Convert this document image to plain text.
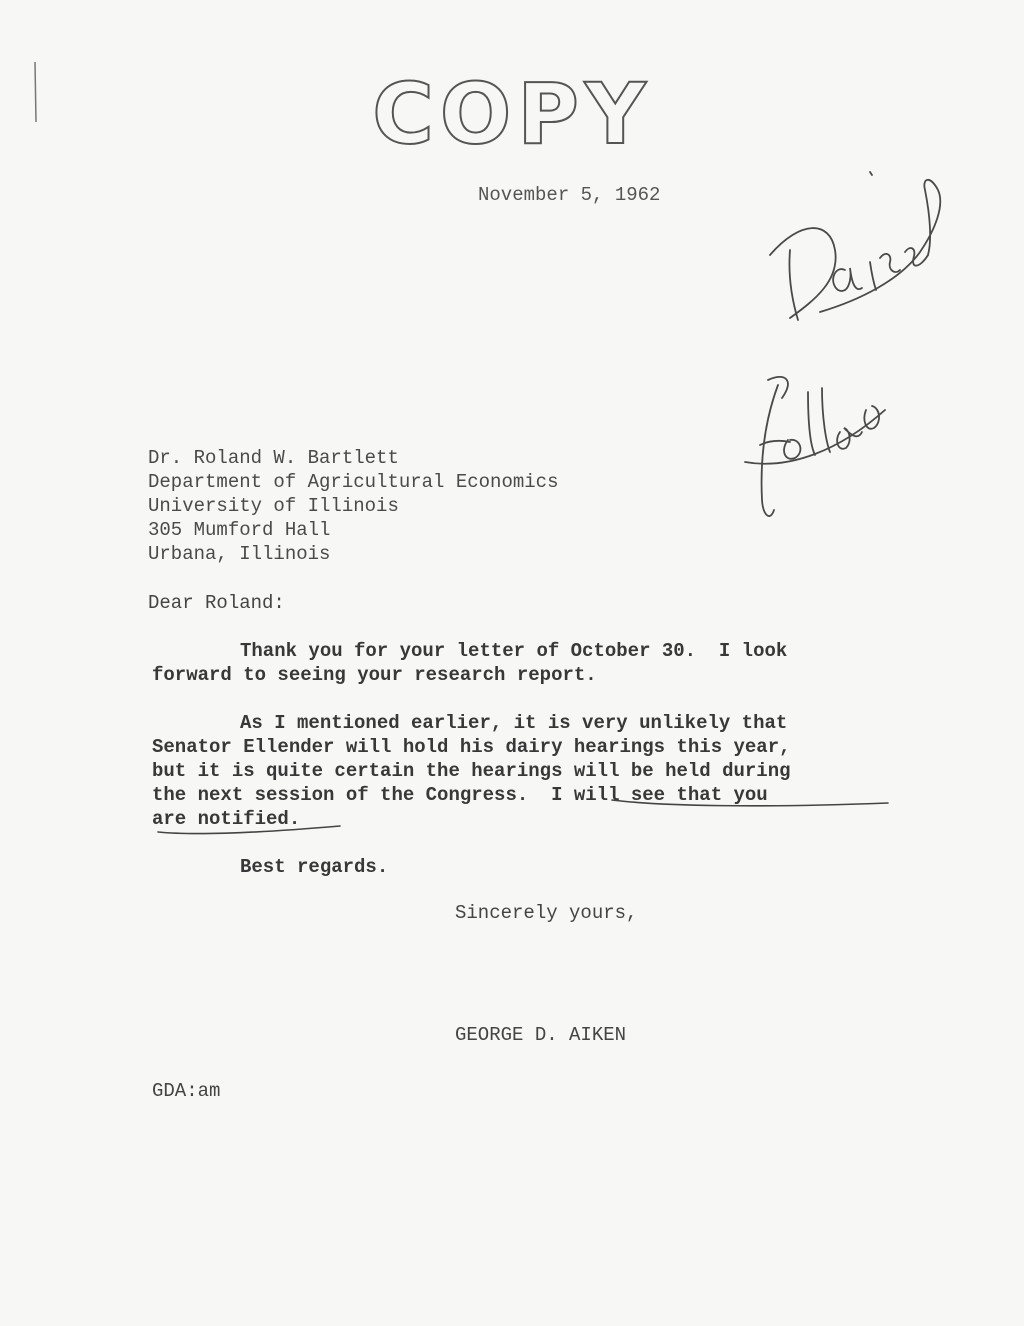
COPY
November 5, 1962
Dr. Roland W. Bartlett
Department of Agricultural Economics
University of Illinois
305 Mumford Hall
Urbana, Illinois
Dear Roland:
Thank you for your letter of October 30.  I look
forward to seeing your research report.
As I mentioned earlier, it is very unlikely that
Senator Ellender will hold his dairy hearings this year,
but it is quite certain the hearings will be held during
the next session of the Congress.  I will see that you
are notified.
Best regards.
Sincerely yours,
GEORGE D. AIKEN
GDA:am
